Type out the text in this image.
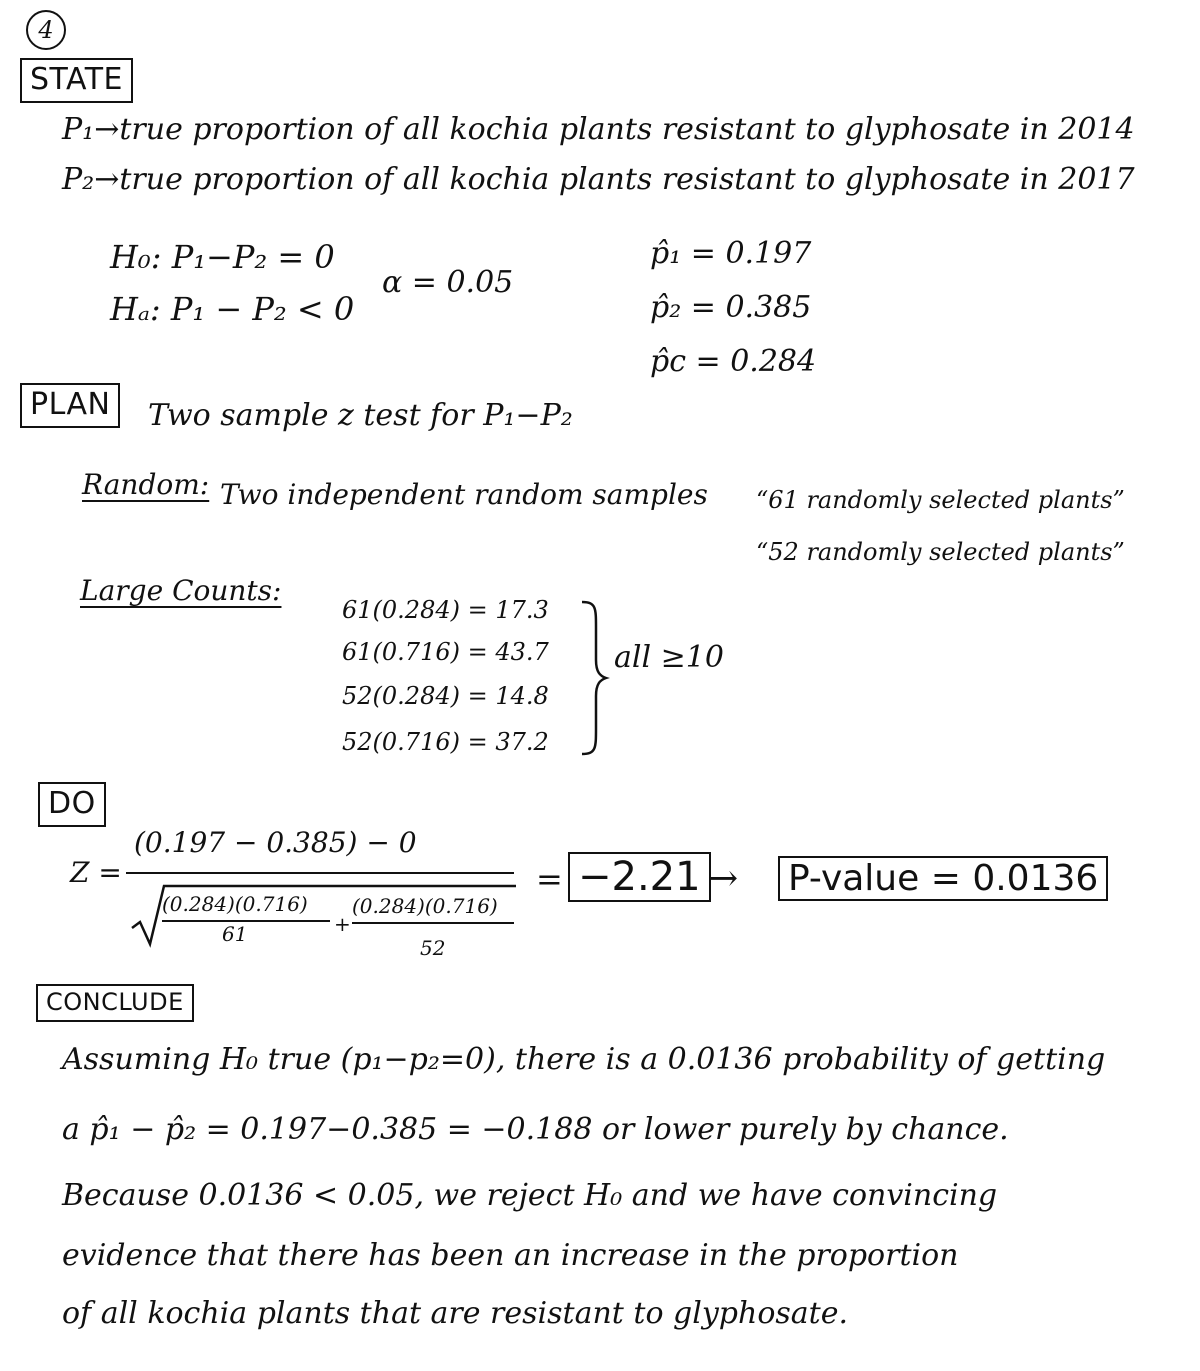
4
STATE
P₁→true proportion of all kochia plants resistant to glyphosate in 2014
P₂→true proportion of all kochia plants resistant to glyphosate in 2017
H₀: P₁−P₂ = 0
Hₐ: P₁ − P₂ < 0
α = 0.05
p̂₁ = 0.197
p̂₂ = 0.385
p̂c = 0.284
PLAN	Two sample z test for P₁−P₂
Random: Two independent random samples “61 randomly selected plants”
“52 randomly selected plants”
Large Counts:
61(0.284) = 17.3
61(0.716) = 43.7
52(0.284) = 14.8
52(0.716) = 37.2
all ≥10
DO
Z =
(0.197 − 0.385) − 0
(0.284)(0.716)
61	+
(0.284)(0.716)
52
= −2.21 → P-value = 0.0136
CONCLUDE
Assuming H₀ true (p₁−p₂=0), there is a 0.0136 probability of getting
a p̂₁ − p̂₂ = 0.197−0.385 = −0.188 or lower purely by chance.
Because 0.0136 < 0.05, we reject H₀ and we have convincing
evidence that there has been an increase in the proportion
of all kochia plants that are resistant to glyphosate.
